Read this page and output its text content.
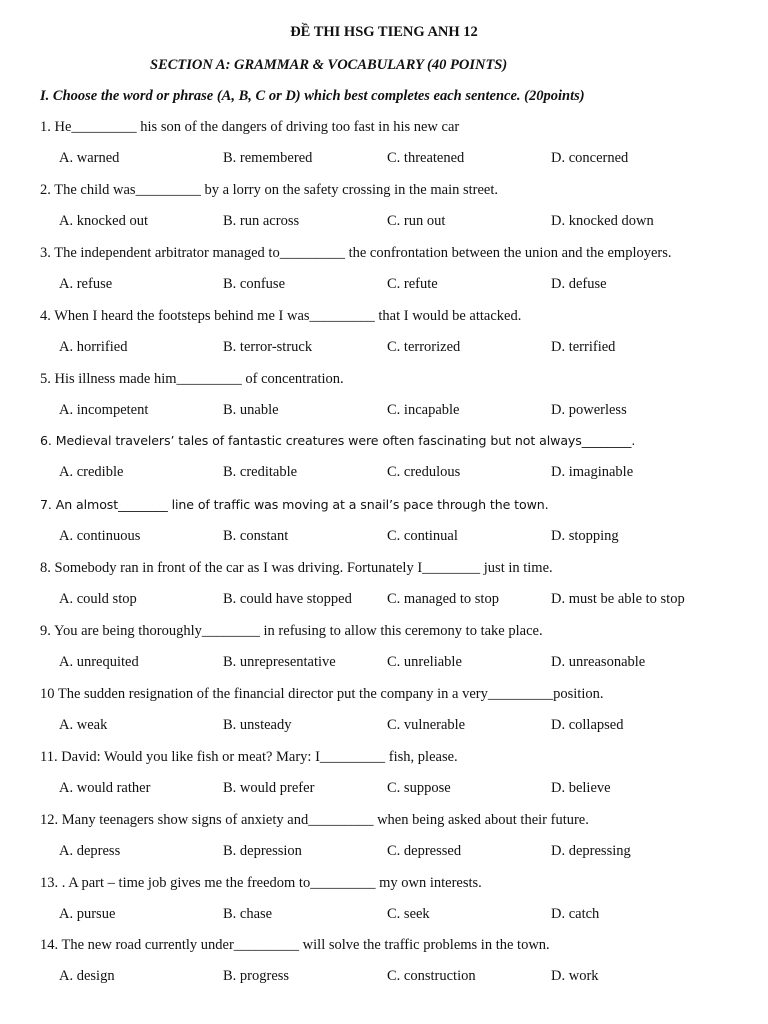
ĐỀ THI HSG TIENG ANH 12
SECTION A: GRAMMAR & VOCABULARY (40 POINTS)
I. Choose the word or phrase (A, B, C or D) which best completes each sentence. (20points)
1. He_________ his son of the dangers of driving too fast in his new car
A. warned	B. remembered	C. threatened	D. concerned
2. The child was_________ by a lorry on the safety crossing in the main street.
A. knocked out	B. run across	C. run out	D. knocked down
3. The independent arbitrator managed to_________ the confrontation between the union and the employers.
A. refuse	B. confuse	C. refute	D. defuse
4. When I heard the footsteps behind me I was_________ that I would be attacked.
A. horrified	B. terror-struck	C. terrorized	D. terrified
5. His illness made him_________ of concentration.
A. incompetent	B. unable	C. incapable	D. powerless
6. Medieval travelers’ tales of fantastic creatures were often fascinating but not always________.
A. credible	B. creditable	C. credulous	D. imaginable
7. An almost________ line of traffic was moving at a snail’s pace through the town.
A. continuous	B. constant	C. continual	D. stopping
8. Somebody ran in front of the car as I was driving. Fortunately I________ just in time.
A. could stop	B. could have stopped C. managed to stop	D. must be able to stop
9. You are being thoroughly________ in refusing to allow this ceremony to take place.
A. unrequited	B. unrepresentative	C. unreliable	D. unreasonable
10 The sudden resignation of the financial director put the company in a very_________position.
A. weak	B. unsteady	C. vulnerable	D. collapsed
11. David: Would you like fish or meat? Mary: I_________ fish, please.
A. would rather	B. would prefer	C. suppose	D. believe
12. Many teenagers show signs of anxiety and_________ when being asked about their future.
A. depress	B. depression	C. depressed	D. depressing
13. . A part – time job gives me the freedom to_________ my own interests.
A. pursue	B. chase	C. seek	D. catch
14. The new road currently under_________ will solve the traffic problems in the town.
A. design	B. progress	C. construction	D. work
